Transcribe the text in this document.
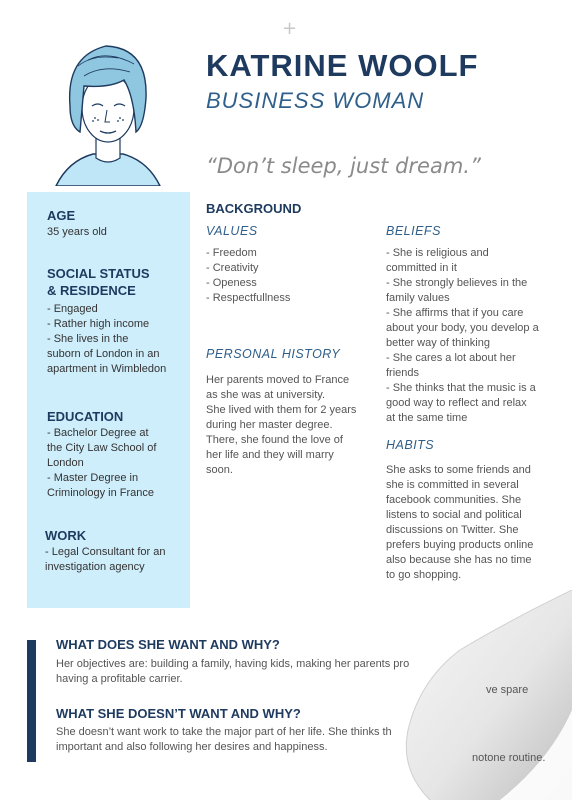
+
KATRINE WOOLF
BUSINESS WOMAN
“Don’t sleep, just dream.”
AGE
35 years old
SOCIAL STATUS
& RESIDENCE
- Engaged
- Rather high income
- She lives in the
suborn of London in an
apartment in Wimbledon
EDUCATION
- Bachelor Degree at
the City Law School of
London
- Master Degree in
Criminology in France
WORK
- Legal Consultant for an
investigation agency
BACKGROUND
VALUES
- Freedom
- Creativity
- Openess
- Respectfullness
PERSONAL HISTORY
Her parents moved to France
as she was at university.
She lived with them for 2 years
during her master degree.
There, she found the love of
her life and they will marry
soon.
BELIEFS
- She is religious and
committed in it
- She strongly believes in the
family values
- She affirms that if you care
about your body, you develop a
better way of thinking
- She cares a lot about her
friends
- She thinks that the music is a
good way to reflect and relax
at the same time
HABITS
She asks to some friends and
she is committed in several
facebook communities. She
listens to social and political
discussions on Twitter. She
prefers buying products online
also because she has no time
to go shopping.
WHAT DOES SHE WANT AND WHY?
Her objectives are: building a family, having kids, making her parents pro
having a profitable carrier.
WHAT SHE DOESN’T WANT AND WHY?
She doesn’t want work to take the major part of her life. She thinks th
important and also following her desires and happiness.
ve spare
notone routine.
